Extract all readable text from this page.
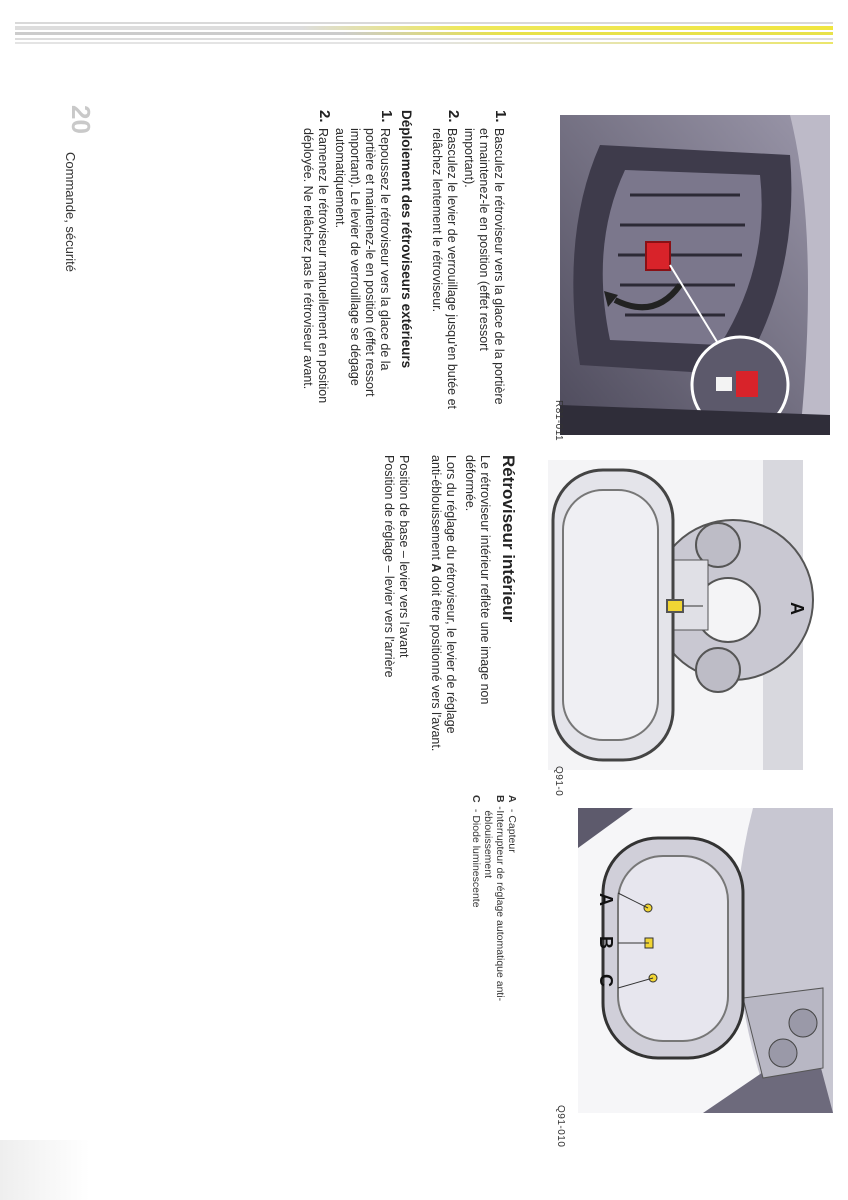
R81-011
A
Q91-0
A
B
C
Q91-010
1.
Basculez le rétroviseur vers la glace de la portière et maintenez-le en position (effet ressort important).
2.
Basculez le levier de verrouillage jusqu'en butée et relâchez lentement le rétroviseur.
Déploiement des rétroviseurs extérieurs
1.
Repoussez le rétroviseur vers la glace de la portière et maintenez-le en position (effet ressort important). Le levier de verrouillage se dégage automatiquement.
2.
Ramenez le rétroviseur manuellement en position déployée. Ne relâchez pas le rétroviseur avant.
Rétroviseur intérieur

Le rétroviseur intérieur reflète une image non déformée.

Lors du réglage du rétroviseur, le levier de réglage anti-éblouissement A doit être positionné vers l'avant.

Position de base – levier vers l'avant

Position de réglage – levier vers l'arrière

A
-
Capteur
B
-
Interrupteur de réglage automatique anti-éblouissement
C
-
Diode luminescente
20
Commande, sécurité
